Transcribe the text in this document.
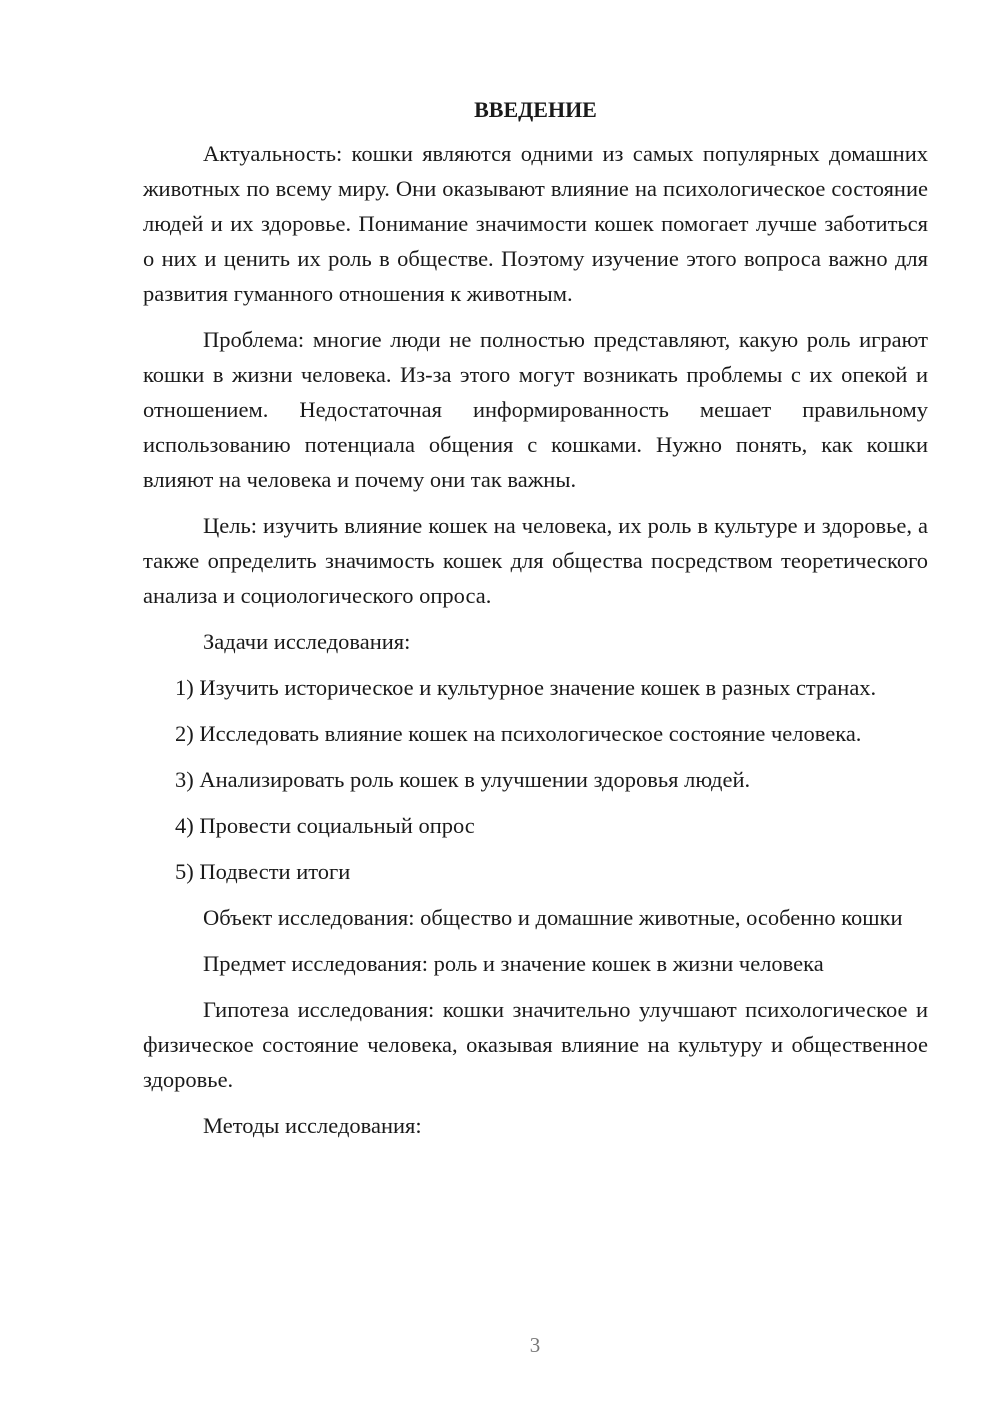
ВВЕДЕНИЕ

Актуальность: кошки являются одними из самых популярных домашних животных по всему миру. Они оказывают влияние на психологическое состояние людей и их здоровье. Понимание значимости кошек помогает лучше заботиться о них и ценить их роль в обществе. Поэтому изучение этого вопроса важно для развития гуманного отношения к животным.

Проблема: многие люди не полностью представляют, какую роль играют кошки в жизни человека. Из-за этого могут возникать проблемы с их опекой и отношением. Недостаточная информированность мешает правильному использованию потенциала общения с кошками. Нужно понять, как кошки влияют на человека и почему они так важны.

Цель: изучить влияние кошек на человека, их роль в культуре и здоровье, а также определить значимость кошек для общества посредством теоретического анализа и социологического опроса.

Задачи исследования:

1) Изучить историческое и культурное значение кошек в разных странах.

2) Исследовать влияние кошек на психологическое состояние человека.

3) Анализировать роль кошек в улучшении здоровья людей.

4) Провести социальный опрос

5) Подвести итоги

Объект исследования: общество и домашние животные, особенно кошки

Предмет исследования: роль и значение кошек в жизни человека

Гипотеза исследования: кошки значительно улучшают психологическое и физическое состояние человека, оказывая влияние на культуру и общественное здоровье.

Методы исследования:

3
